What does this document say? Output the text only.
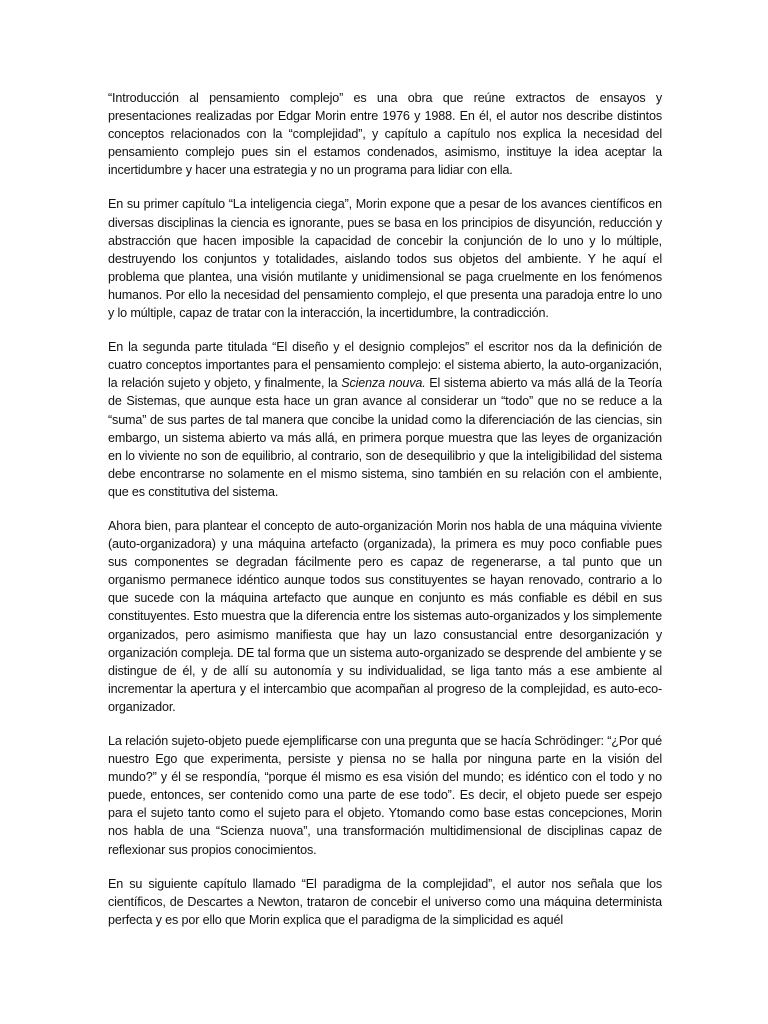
“Introducción al pensamiento complejo” es una obra que reúne extractos de ensayos y presentaciones realizadas por Edgar Morin entre 1976 y 1988. En él, el autor nos describe distintos conceptos relacionados con la “complejidad”, y capítulo a capítulo nos explica la necesidad del pensamiento complejo pues sin el estamos condenados, asimismo, instituye la idea aceptar la incertidumbre y hacer una estrategia y no un programa para lidiar con ella.

En su primer capítulo “La inteligencia ciega”, Morin expone que a pesar de los avances científicos en diversas disciplinas la ciencia es ignorante, pues se basa en los principios de disyunción, reducción y abstracción que hacen imposible la capacidad de concebir la conjunción de lo uno y lo múltiple, destruyendo los conjuntos y totalidades, aislando todos sus objetos del ambiente. Y he aquí el problema que plantea, una visión mutilante y unidimensional se paga cruelmente en los fenómenos humanos. Por ello la necesidad del pensamiento complejo, el que presenta una paradoja entre lo uno y lo múltiple, capaz de tratar con la interacción, la incertidumbre, la contradicción.

En la segunda parte titulada “El diseño y el designio complejos” el escritor nos da la definición de cuatro conceptos importantes para el pensamiento complejo: el sistema abierto, la auto-organización, la relación sujeto y objeto, y finalmente, la Scienza nouva. El sistema abierto va más allá de la Teoría de Sistemas, que aunque esta hace un gran avance al considerar un “todo” que no se reduce a la “suma” de sus partes de tal manera que concibe la unidad como la diferenciación de las ciencias, sin embargo, un sistema abierto va más allá, en primera porque muestra que las leyes de organización en lo viviente no son de equilibrio, al contrario, son de desequilibrio y que la inteligibilidad del sistema debe encontrarse no solamente en el mismo sistema, sino también en su relación con el ambiente, que es constitutiva del sistema.

Ahora bien, para plantear el concepto de auto-organización Morin nos habla de una máquina viviente (auto-organizadora) y una máquina artefacto (organizada), la primera es muy poco confiable pues sus componentes se degradan fácilmente pero es capaz de regenerarse, a tal punto que un organismo permanece idéntico aunque todos sus constituyentes se hayan renovado, contrario a lo que sucede con la máquina artefacto que aunque en conjunto es más confiable es débil en sus constituyentes. Esto muestra que la diferencia entre los sistemas auto-organizados y los simplemente organizados, pero asimismo manifiesta que hay un lazo consustancial entre desorganización y organización compleja. DE tal forma que un sistema auto-organizado se desprende del ambiente y se distingue de él, y de allí su autonomía y su individualidad, se liga tanto más a ese ambiente al incrementar la apertura y el intercambio que acompañan al progreso de la complejidad, es auto-eco-organizador.

La relación sujeto-objeto puede ejemplificarse con una pregunta que se hacía Schrödinger: “¿Por qué nuestro Ego que experimenta, persiste y piensa no se halla por ninguna parte en la visión del mundo?” y él se respondía, “porque él mismo es esa visión del mundo; es idéntico con el todo y no puede, entonces, ser contenido como una parte de ese todo”. Es decir, el objeto puede ser espejo para el sujeto tanto como el sujeto para el objeto. Ytomando como base estas concepciones, Morin nos habla de una “Scienza nuova”, una transformación multidimensional de disciplinas capaz de reflexionar sus propios conocimientos.

En su siguiente capítulo llamado “El paradigma de la complejidad”, el autor nos señala que los científicos, de Descartes a Newton, trataron de concebir el universo como una máquina determinista perfecta y es por ello que Morin explica que el paradigma de la simplicidad es aquél
